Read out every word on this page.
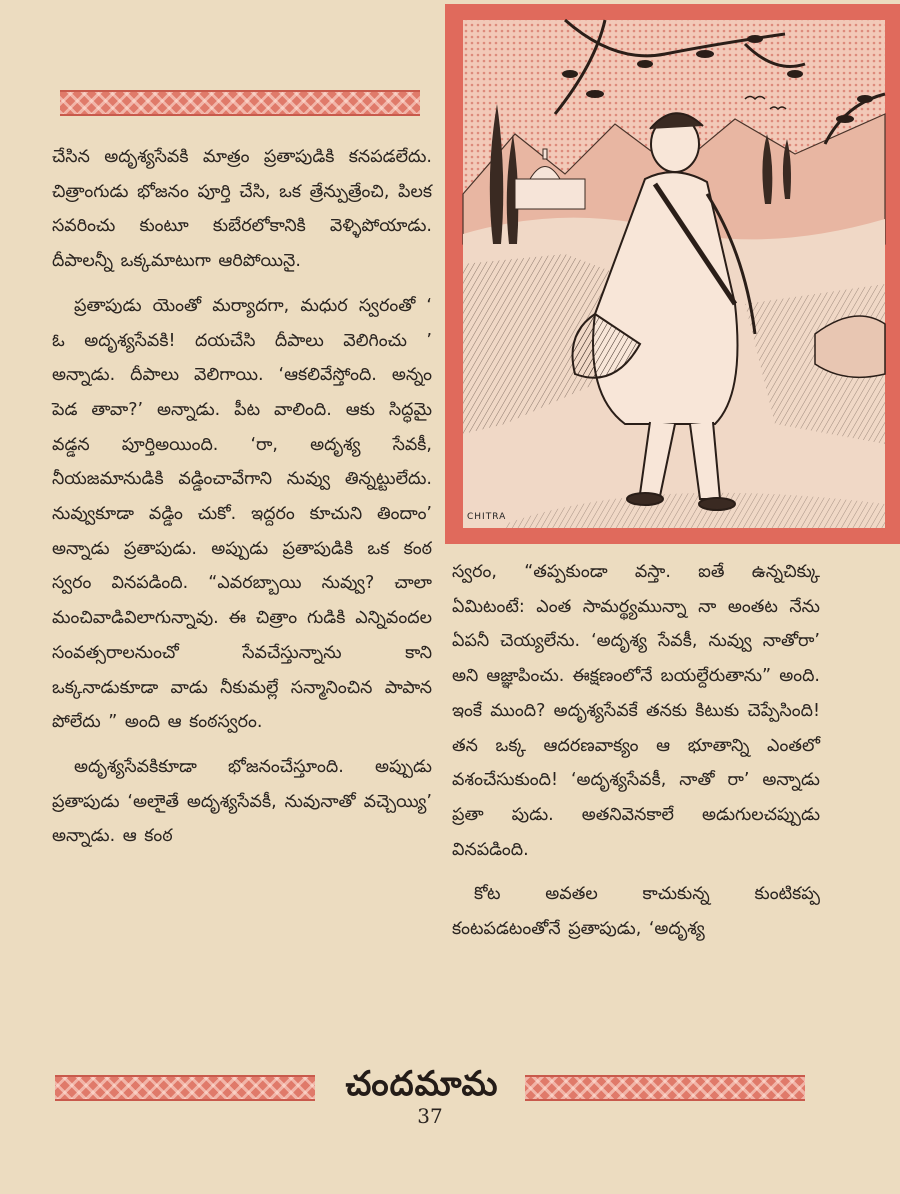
చేసిన అదృశ్యసేవకి మాత్రం ప్రతాపుడికి కనపడలేదు. చిత్రాంగుడు భోజనం పూర్తి చేసి, ఒక త్రేన్పుత్రేంచి, పిలక సవరించు కుంటూ కుబేరలోకానికి వెళ్ళిపోయాడు. దీపాలన్నీ ఒక్కమాటుగా ఆరిపోయినై.

ప్రతాపుడు యెంతో మర్యాదగా, మధుర స్వరంతో ‘ ఓ అదృశ్యసేవకి! దయచేసి దీపాలు వెలిగించు ’ అన్నాడు. దీపాలు వెలిగాయి. ‘ఆకలివేస్తోంది. అన్నం పెడ తావా?’ అన్నాడు. పీట వాలింది. ఆకు సిద్ధమై వడ్డన పూర్తిఅయింది. ‘రా, అదృశ్య సేవకీ, నీయజమానుడికి వడ్డించావేగాని నువ్వు తిన్నట్టులేదు. నువ్వుకూడా వడ్డిం చుకో. ఇద్దరం కూచుని తిందాం’ అన్నాడు ప్రతాపుడు. అప్పుడు ప్రతాపుడికి ఒక కంఠ స్వరం వినపడింది. “ఎవరబ్బాయి నువ్వు? చాలా మంచివాడివిలాగున్నావు. ఈ చిత్రాం గుడికి ఎన్నివందల సంవత్సరాలనుంచో సేవచేస్తున్నాను కాని ఒక్కనాడుకూడా వాడు నీకుమల్లే సన్మానించిన పాపాన పోలేదు ” అంది ఆ కంఠస్వరం.

అదృశ్యసేవకికూడా భోజనంచేస్తూంది. అప్పుడు ప్రతాపుడు ‘అలాైతే అదృశ్యసేవకీ, నువునాతో వచ్చెయ్యి’ అన్నాడు. ఆ కంఠ

CHITRA

స్వరం, “తప్పకుండా వస్తా. ఐతే ఉన్నచిక్కు ఏమిటంటే: ఎంత సామర్థ్యమున్నా నా అంతట నేను ఏపనీ చెయ్యలేను. ‘అదృశ్య సేవకీ, నువ్వు నాతోరా’ అని ఆజ్ఞాపించు. ఈక్షణంలోనే బయల్దేరుతాను” అంది. ఇంకే ముంది? అదృశ్యసేవకే తనకు కిటుకు చెప్పేసింది! తన ఒక్క ఆదరణవాక్యం ఆ భూతాన్ని ఎంతలో వశంచేసుకుంది! ‘అదృశ్యసేవకీ, నాతో రా’ అన్నాడు ప్రతా పుడు. అతనివెనకాలే అడుగులచప్పుడు వినపడింది.

కోట అవతల కాచుకున్న కుంటికప్ప కంటపడటంతోనే ప్రతాపుడు, ‘అదృశ్య

చందమామ
37
